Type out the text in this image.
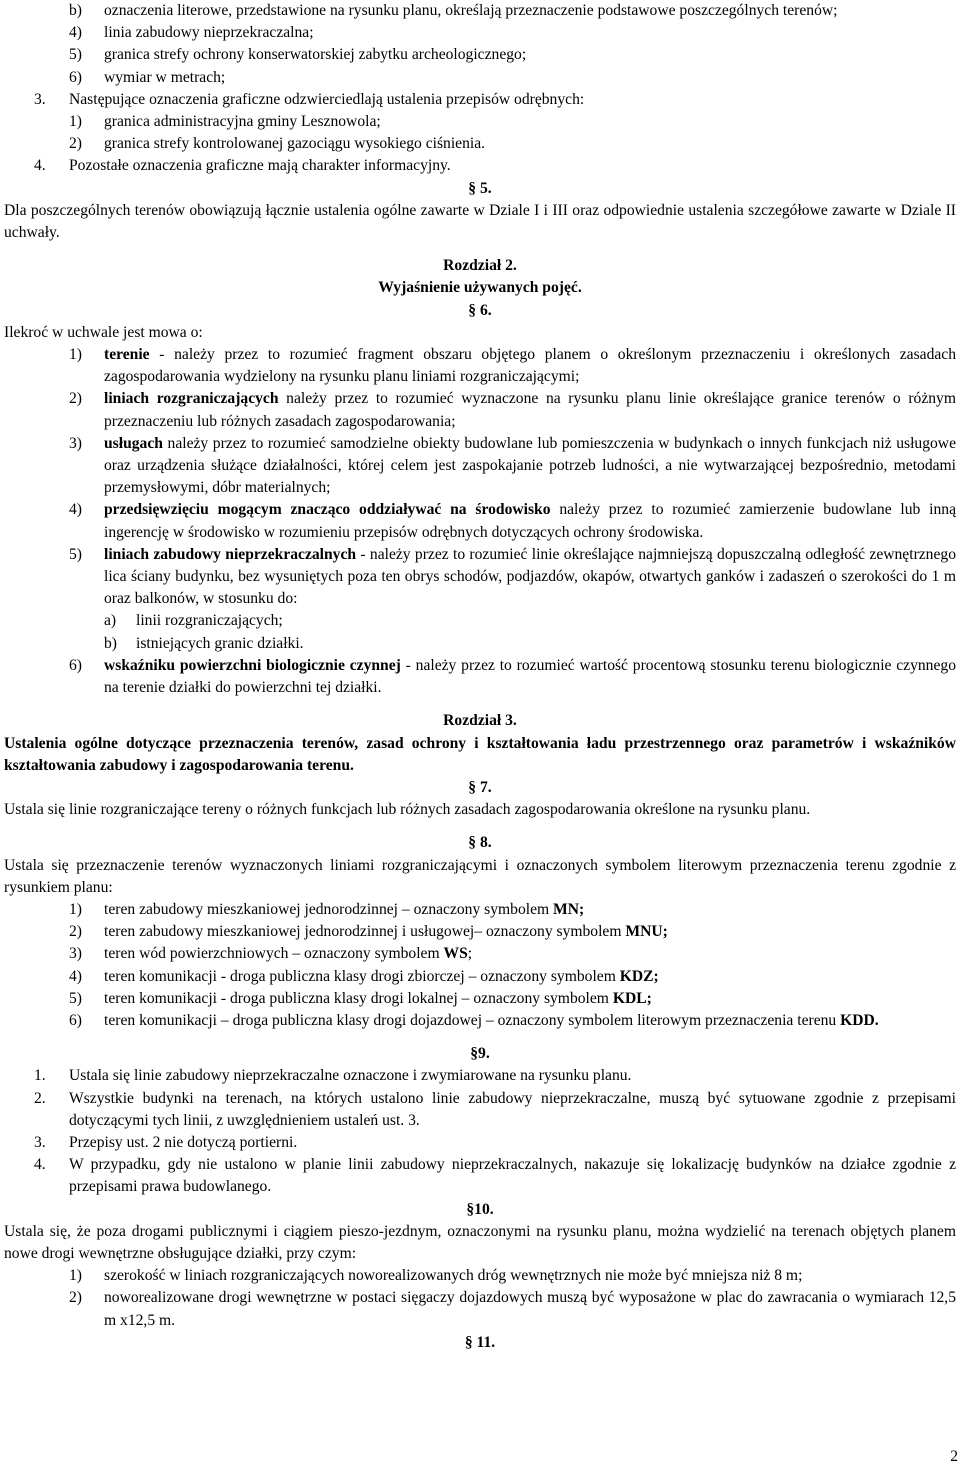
b)	oznaczenia literowe, przedstawione na rysunku planu, określają przeznaczenie podstawowe poszczególnych terenów;
4)	linia zabudowy nieprzekraczalna;
5)	granica strefy ochrony konserwatorskiej zabytku archeologicznego;
6)	wymiar w metrach;
3.	Następujące oznaczenia graficzne odzwierciedlają ustalenia przepisów odrębnych:
1)	granica administracyjna gminy Lesznowola;
2)	granica strefy kontrolowanej gazociągu wysokiego ciśnienia.
4.	Pozostałe oznaczenia graficzne mają charakter informacyjny.

§ 5.

Dla poszczególnych terenów obowiązują łącznie ustalenia ogólne zawarte w Dziale I i III oraz odpowiednie ustalenia szczegółowe zawarte w Dziale II uchwały.

Rozdział 2.

Wyjaśnienie używanych pojęć.

§ 6.

Ilekroć w uchwale jest mowa o:

1)	terenie - należy przez to rozumieć fragment obszaru objętego planem o określonym przeznaczeniu i określonych zasadach zagospodarowania wydzielony na rysunku planu liniami rozgraniczającymi;
2)	liniach rozgraniczających należy przez to rozumieć wyznaczone na rysunku planu linie określające granice terenów o różnym przeznaczeniu lub różnych zasadach zagospodarowania;
3)	usługach należy przez to rozumieć samodzielne obiekty budowlane lub pomieszczenia w budynkach o innych funkcjach niż usługowe oraz urządzenia służące działalności, której celem jest zaspokajanie potrzeb ludności, a nie wytwarzającej bezpośrednio, metodami przemysłowymi, dóbr materialnych;
4)	przedsięwzięciu mogącym znacząco oddziaływać na środowisko należy przez to rozumieć zamierzenie budowlane lub inną ingerencję w środowisko w rozumieniu przepisów odrębnych dotyczących ochrony środowiska.
5)	liniach zabudowy nieprzekraczalnych - należy przez to rozumieć linie określające najmniejszą dopuszczalną odległość zewnętrznego lica ściany budynku, bez wysuniętych poza ten obrys schodów, podjazdów, okapów, otwartych ganków i zadaszeń o szerokości do 1 m oraz balkonów, w stosunku do:
a)	linii rozgraniczających;
b)	istniejących granic działki.
6)	wskaźniku powierzchni biologicznie czynnej - należy przez to rozumieć wartość procentową stosunku terenu biologicznie czynnego na terenie działki do powierzchni tej działki.

Rozdział 3.

Ustalenia ogólne dotyczące przeznaczenia terenów, zasad ochrony i kształtowania ładu przestrzennego oraz parametrów i wskaźników kształtowania zabudowy i zagospodarowania terenu.

§ 7.

Ustala się linie rozgraniczające tereny o różnych funkcjach lub różnych zasadach zagospodarowania określone na rysunku planu.

§ 8.

Ustala się przeznaczenie terenów wyznaczonych liniami rozgraniczającymi i oznaczonych symbolem literowym przeznaczenia terenu zgodnie z rysunkiem planu:

1)	teren zabudowy mieszkaniowej jednorodzinnej – oznaczony symbolem MN;
2)	teren zabudowy mieszkaniowej jednorodzinnej i usługowej– oznaczony symbolem MNU;
3)	teren wód powierzchniowych – oznaczony symbolem WS;
4)	teren komunikacji - droga publiczna klasy drogi zbiorczej – oznaczony symbolem KDZ;
5)	teren komunikacji - droga publiczna klasy drogi lokalnej – oznaczony symbolem KDL;
6)	teren komunikacji – droga publiczna klasy drogi dojazdowej – oznaczony symbolem literowym przeznaczenia terenu KDD.

§9.

1.	Ustala się linie zabudowy nieprzekraczalne oznaczone i zwymiarowane na rysunku planu.
2.	Wszystkie budynki na terenach, na których ustalono linie zabudowy nieprzekraczalne, muszą być sytuowane zgodnie z przepisami dotyczącymi tych linii, z uwzględnieniem ustaleń ust. 3.
3.	Przepisy ust. 2 nie dotyczą portierni.
4.	W przypadku, gdy nie ustalono w planie linii zabudowy nieprzekraczalnych, nakazuje się lokalizację budynków na działce zgodnie z przepisami prawa budowlanego.

§10.

Ustala się, że poza drogami publicznymi i ciągiem pieszo-jezdnym, oznaczonymi na rysunku planu, można wydzielić na terenach objętych planem nowe drogi wewnętrzne obsługujące działki, przy czym:

1)	szerokość w liniach rozgraniczających noworealizowanych dróg wewnętrznych nie może być mniejsza niż 8 m;
2)	noworealizowane drogi wewnętrzne w postaci sięgaczy dojazdowych muszą być wyposażone w plac do zawracania o wymiarach 12,5 m x12,5 m.

§ 11.

2
